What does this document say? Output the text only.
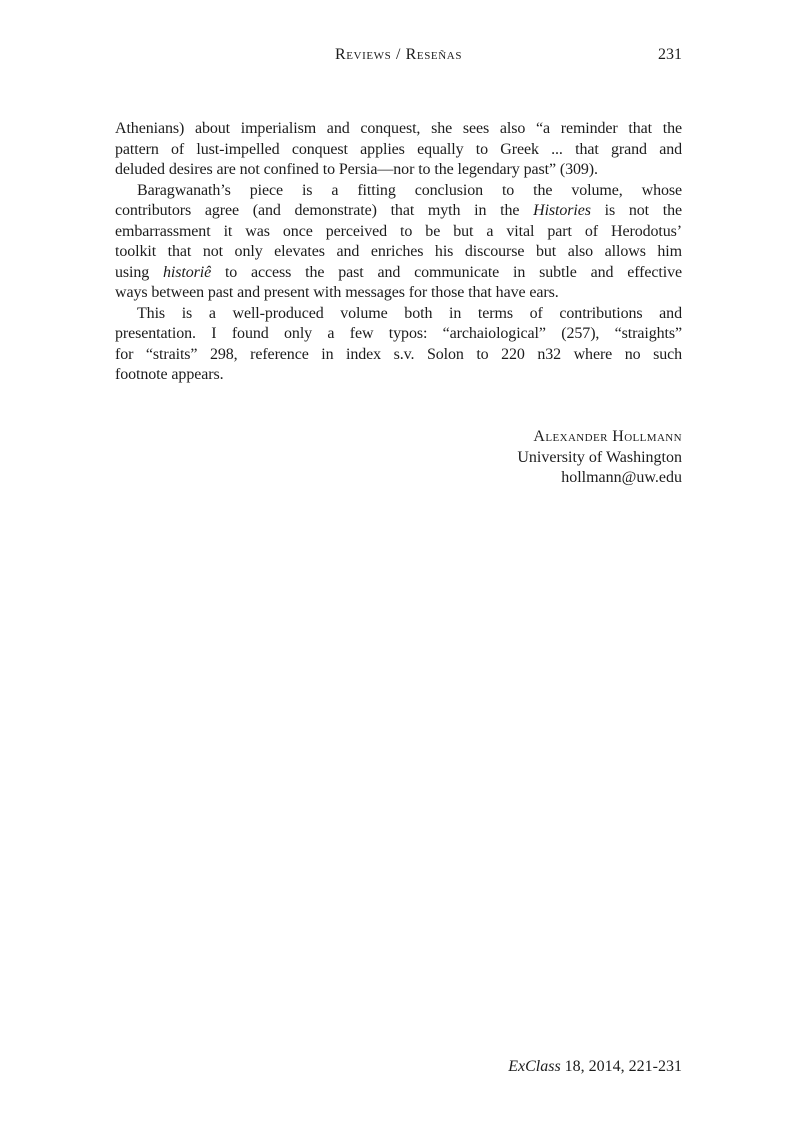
Reviews / Reseñas	231
Athenians) about imperialism and conquest, she sees also “a reminder that the
pattern of lust-impelled conquest applies equally to Greek ... that grand and
deluded desires are not confined to Persia—nor to the legendary past” (309).
Baragwanath’s piece is a fitting conclusion to the volume, whose
contributors agree (and demonstrate) that myth in the Histories is not the
embarrassment it was once perceived to be but a vital part of Herodotus’
toolkit that not only elevates and enriches his discourse but also allows him
using historiê to access the past and communicate in subtle and effective
ways between past and present with messages for those that have ears.
This is a well-produced volume both in terms of contributions and
presentation. I found only a few typos: “archaiological” (257), “straights”
for “straits” 298, reference in index s.v. Solon to 220 n32 where no such
footnote appears.
Alexander Hollmann
University of Washington
hollmann@uw.edu
ExClass 18, 2014, 221-231
